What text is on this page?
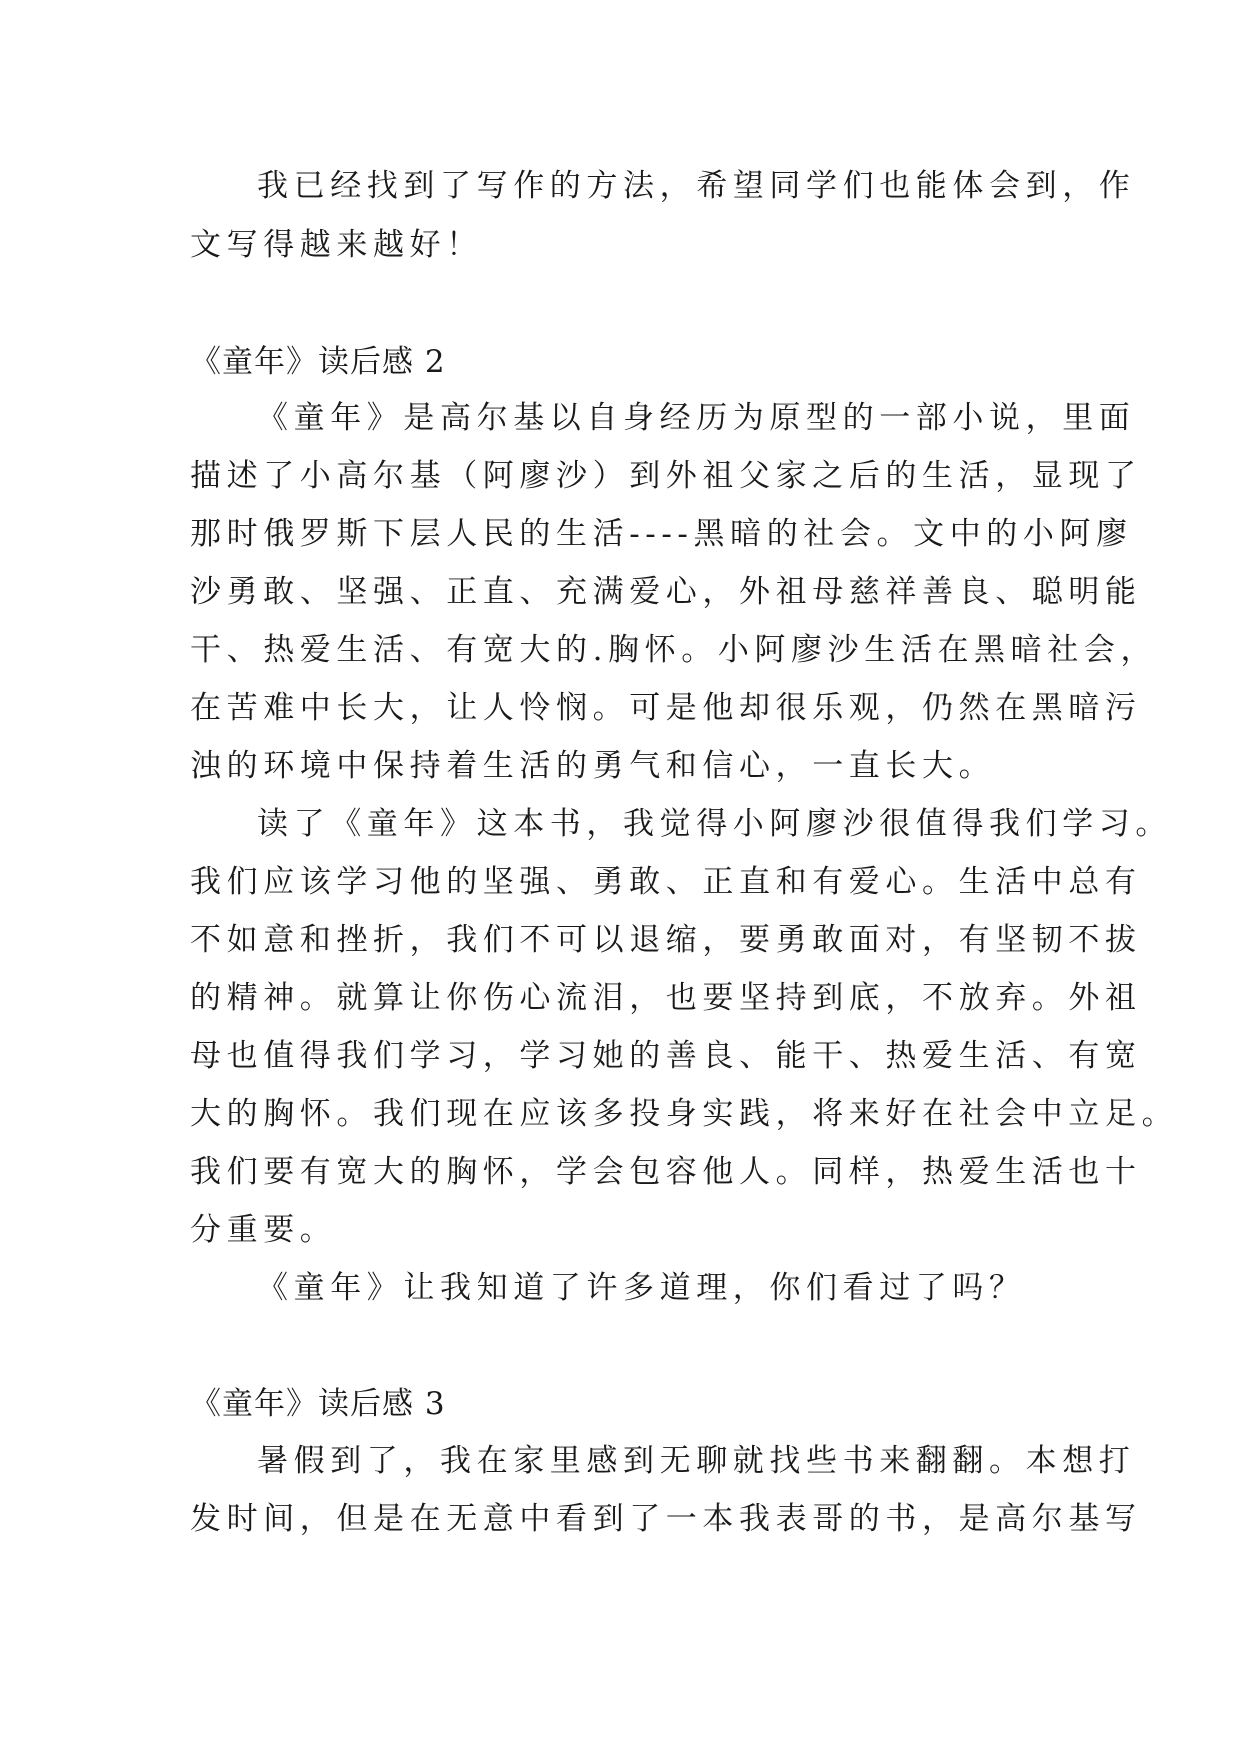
我已经找到了写作的方法，希望同学们也能体会到，作
文写得越来越好！
《童年》读后感 2
《童年》是高尔基以自身经历为原型的一部小说，里面
描述了小高尔基（阿廖沙）到外祖父家之后的生活，显现了
那时俄罗斯下层人民的生活----黑暗的社会。文中的小阿廖
沙勇敢、坚强、正直、充满爱心，外祖母慈祥善良、聪明能
干、热爱生活、有宽大的.胸怀。小阿廖沙生活在黑暗社会，
在苦难中长大，让人怜悯。可是他却很乐观，仍然在黑暗污
浊的环境中保持着生活的勇气和信心，一直长大。
读了《童年》这本书，我觉得小阿廖沙很值得我们学习。
我们应该学习他的坚强、勇敢、正直和有爱心。生活中总有
不如意和挫折，我们不可以退缩，要勇敢面对，有坚韧不拔
的精神。就算让你伤心流泪，也要坚持到底，不放弃。外祖
母也值得我们学习，学习她的善良、能干、热爱生活、有宽
大的胸怀。我们现在应该多投身实践，将来好在社会中立足。
我们要有宽大的胸怀，学会包容他人。同样，热爱生活也十
分重要。
《童年》让我知道了许多道理，你们看过了吗？
《童年》读后感 3
暑假到了，我在家里感到无聊就找些书来翻翻。本想打
发时间，但是在无意中看到了一本我表哥的书，是高尔基写
